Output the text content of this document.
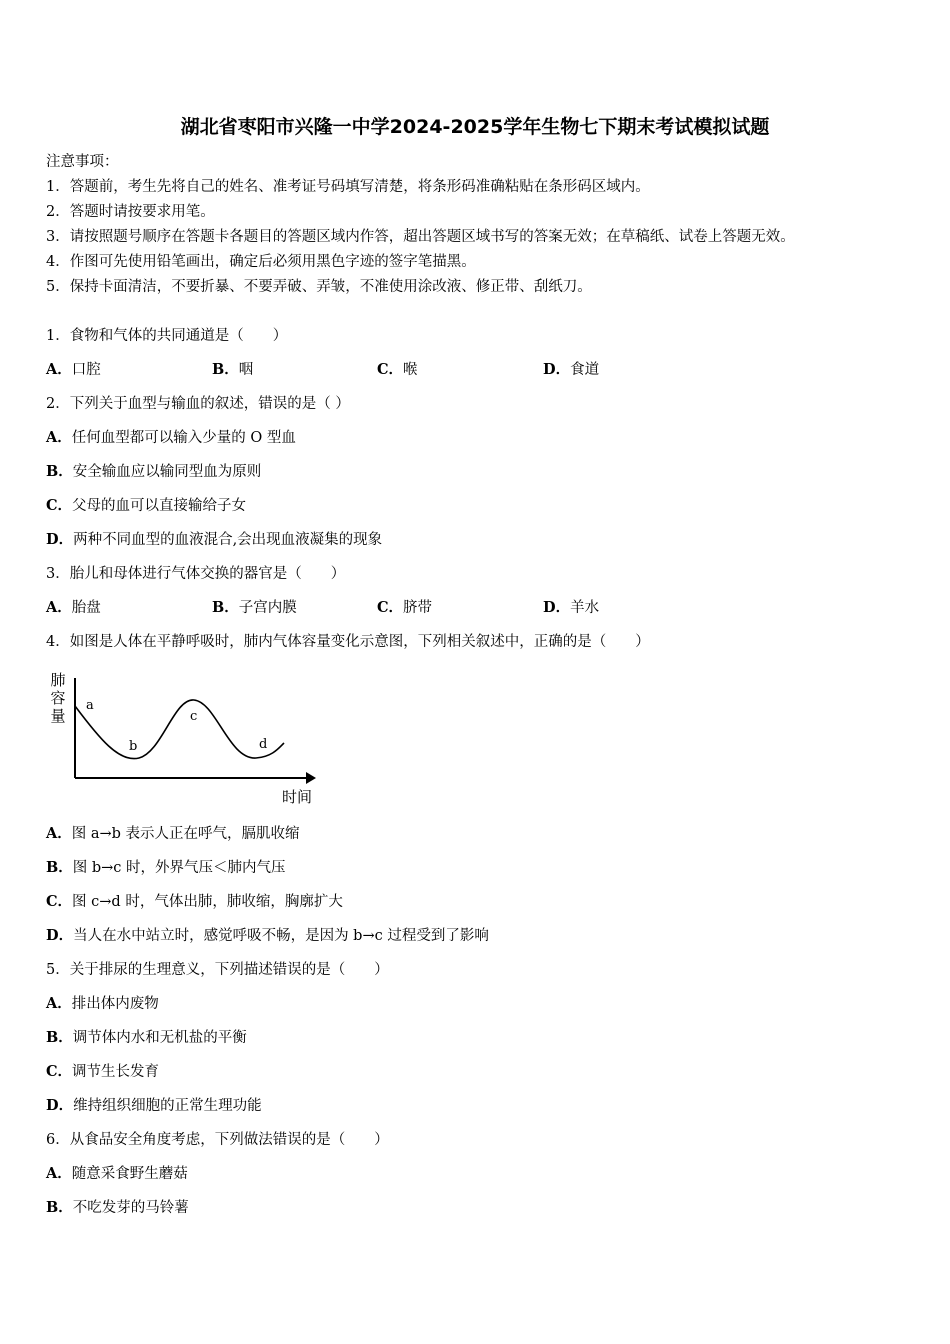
湖北省枣阳市兴隆一中学2024-2025学年生物七下期末考试模拟试题
注意事项：
1．答题前，考生先将自己的姓名、准考证号码填写清楚，将条形码准确粘贴在条形码区域内。
2．答题时请按要求用笔。
3．请按照题号顺序在答题卡各题目的答题区域内作答，超出答题区域书写的答案无效；在草稿纸、试卷上答题无效。
4．作图可先使用铅笔画出，确定后必须用黑色字迹的签字笔描黑。
5．保持卡面清洁，不要折暴、不要弄破、弄皱，不准使用涂改液、修正带、刮纸刀。
1．食物和气体的共同通道是（　　）
A．口腔	B．咽	C．喉	D．食道
2．下列关于血型与输血的叙述，错误的是（ ）
A．任何血型都可以输入少量的 O 型血
B．安全输血应以输同型血为原则
C．父母的血可以直接输给子女
D．两种不同血型的血液混合,会出现血液凝集的现象
3．胎儿和母体进行气体交换的器官是（　　）
A．胎盘	B．子宫内膜	C．脐带	D．羊水
4．如图是人体在平静呼吸时，肺内气体容量变化示意图，下列相关叙述中，正确的是（　　）
肺
容
量
a
b
c
d
时间
A．图 a→b 表示人正在呼气，膈肌收缩
B．图 b→c 时，外界气压＜肺内气压
C．图 c→d 时，气体出肺，肺收缩，胸廓扩大
D．当人在水中站立时，感觉呼吸不畅，是因为 b→c 过程受到了影响
5．关于排尿的生理意义，下列描述错误的是（　　）
A．排出体内废物
B．调节体内水和无机盐的平衡
C．调节生长发育
D．维持组织细胞的正常生理功能
6．从食品安全角度考虑，下列做法错误的是（　　）
A．随意采食野生蘑菇
B．不吃发芽的马铃薯
